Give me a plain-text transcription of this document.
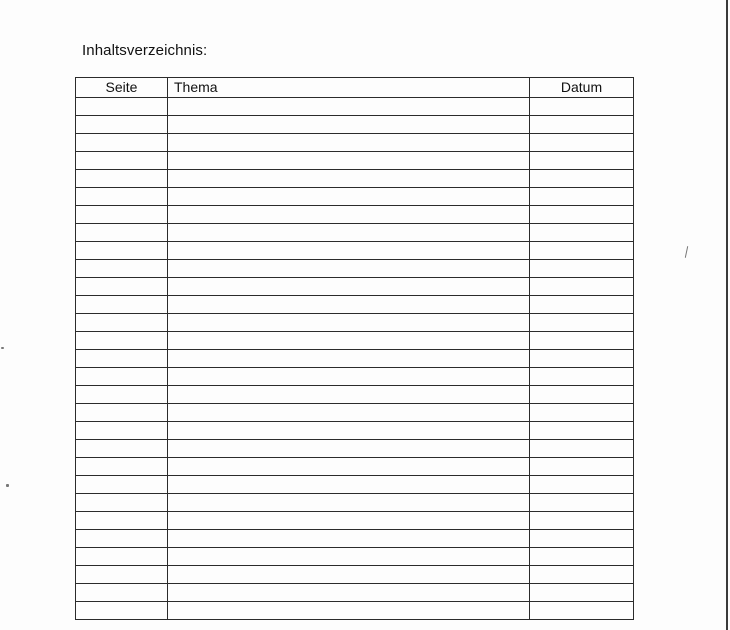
Inhaltsverzeichnis:
Seite	Thema	Datum
